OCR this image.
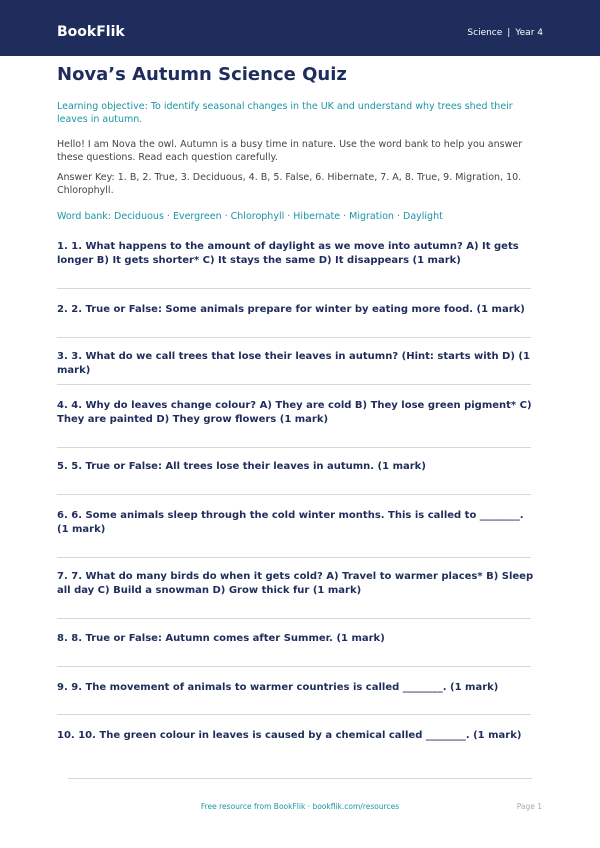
BookFlik	Science | Year 4
Nova’s Autumn Science Quiz

Learning objective: To identify seasonal changes in the UK and understand why trees shed their leaves in autumn.

Hello! I am Nova the owl. Autumn is a busy time in nature. Use the word bank to help you answer these questions. Read each question carefully.

Answer Key: 1. B, 2. True, 3. Deciduous, 4. B, 5. False, 6. Hibernate, 7. A, 8. True, 9. Migration, 10. Chlorophyll.

Word bank: Deciduous · Evergreen · Chlorophyll · Hibernate · Migration · Daylight

1. 1. What happens to the amount of daylight as we move into autumn? A) It gets longer B) It gets shorter* C) It stays the same D) It disappears (1 mark)
2. 2. True or False: Some animals prepare for winter by eating more food. (1 mark)
3. 3. What do we call trees that lose their leaves in autumn? (Hint: starts with D) (1 mark)
4. 4. Why do leaves change colour? A) They are cold B) They lose green pigment* C) They are painted D) They grow flowers (1 mark)
5. 5. True or False: All trees lose their leaves in autumn. (1 mark)
6. 6. Some animals sleep through the cold winter months. This is called to ________. (1 mark)
7. 7. What do many birds do when it gets cold? A) Travel to warmer places* B) Sleep all day C) Build a snowman D) Grow thick fur (1 mark)
8. 8. True or False: Autumn comes after Summer. (1 mark)
9. 9. The movement of animals to warmer countries is called ________. (1 mark)
10. 10. The green colour in leaves is caused by a chemical called ________. (1 mark)
Free resource from BookFlik · bookflik.com/resources	Page 1
